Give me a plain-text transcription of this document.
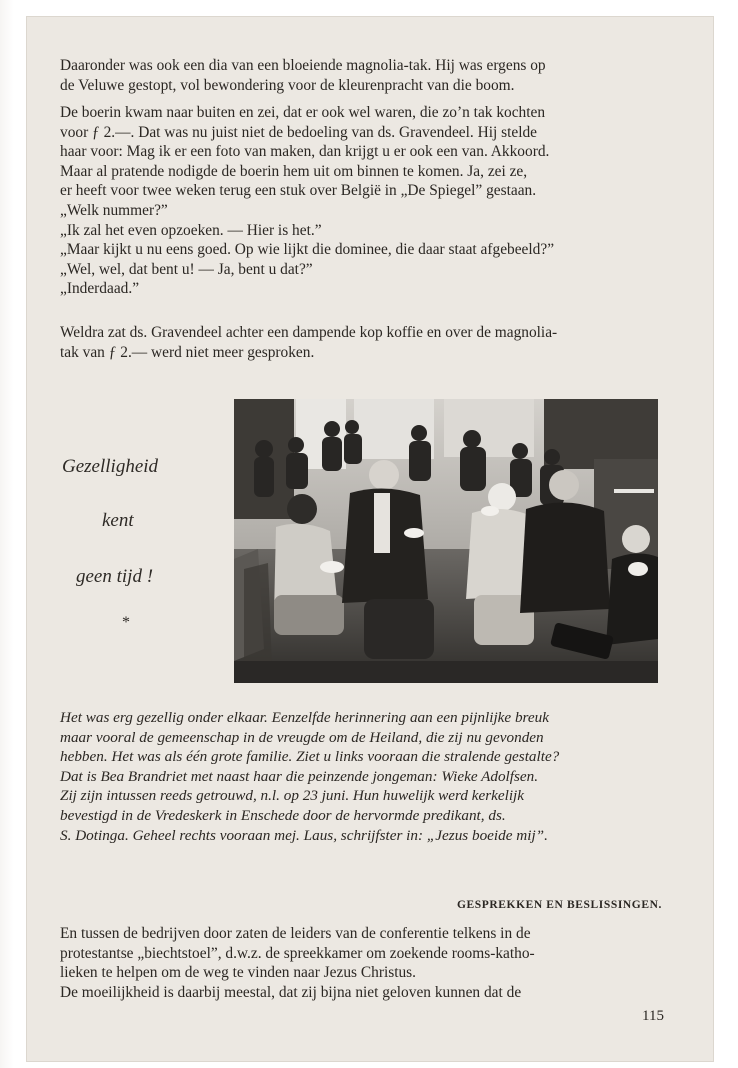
Daaronder was ook een dia van een bloeiende magnolia-tak. Hij was ergens op
de Veluwe gestopt, vol bewondering voor de kleurenpracht van die boom.
De boerin kwam naar buiten en zei, dat er ook wel waren, die zo’n tak kochten
voor ƒ 2.—. Dat was nu juist niet de bedoeling van ds. Gravendeel. Hij stelde
haar voor: Mag ik er een foto van maken, dan krijgt u er ook een van. Akkoord.
Maar al pratende nodigde de boerin hem uit om binnen te komen. Ja, zei ze,
er heeft voor twee weken terug een stuk over België in „De Spiegel” gestaan.
„Welk nummer?”
„Ik zal het even opzoeken. — Hier is het.”
„Maar kijkt u nu eens goed. Op wie lijkt die dominee, die daar staat afgebeeld?”
„Wel, wel, dat bent u! — Ja, bent u dat?”
„Inderdaad.”
Weldra zat ds. Gravendeel achter een dampende kop koffie en over de magnolia-
tak van ƒ 2.— werd niet meer gesproken.
Gezelligheid
kent
geen tijd !
*
Het was erg gezellig onder elkaar. Eenzelfde herinnering aan een pijnlijke breuk
maar vooral de gemeenschap in de vreugde om de Heiland, die zij nu gevonden
hebben. Het was als één grote familie. Ziet u links vooraan die stralende gestalte?
Dat is Bea Brandriet met naast haar die peinzende jongeman: Wieke Adolfsen.
Zij zijn intussen reeds getrouwd, n.l. op 23 juni. Hun huwelijk werd kerkelijk
bevestigd in de Vredeskerk in Enschede door de hervormde predikant, ds.
S. Dotinga. Geheel rechts vooraan mej. Laus, schrijfster in: „Jezus boeide mij”.
GESPREKKEN EN BESLISSINGEN.
En tussen de bedrijven door zaten de leiders van de conferentie telkens in de
protestantse „biechtstoel”, d.w.z. de spreekkamer om zoekende rooms-katho-
lieken te helpen om de weg te vinden naar Jezus Christus.
De moeilijkheid is daarbij meestal, dat zij bijna niet geloven kunnen dat de
115
